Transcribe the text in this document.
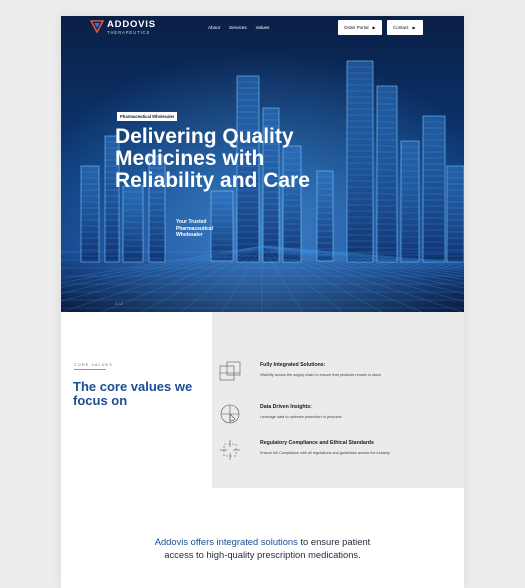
ADDOVIS
THERAPEUTICS
About Services Values	Order Portal ▶	Contact ▶
Pharmaceutical Wholesaler
Delivering Quality Medicines with Reliability and Care
Your Trusted Pharmaceutical Wholesaler
1 / 2
CORE VALUES
The core values we focus on
Fully Integrated Solutions:
Visibility across the supply chain to ensure that products remain in stock
Data Driven Insights:
Leverage data to optimize promotion of products
Regulatory Compliance and Ethical Standards
Ensure full Compliance with all regulations and guidelines across the industry

Addovis offers integrated solutions to ensure patient access to high-quality prescription medications.
